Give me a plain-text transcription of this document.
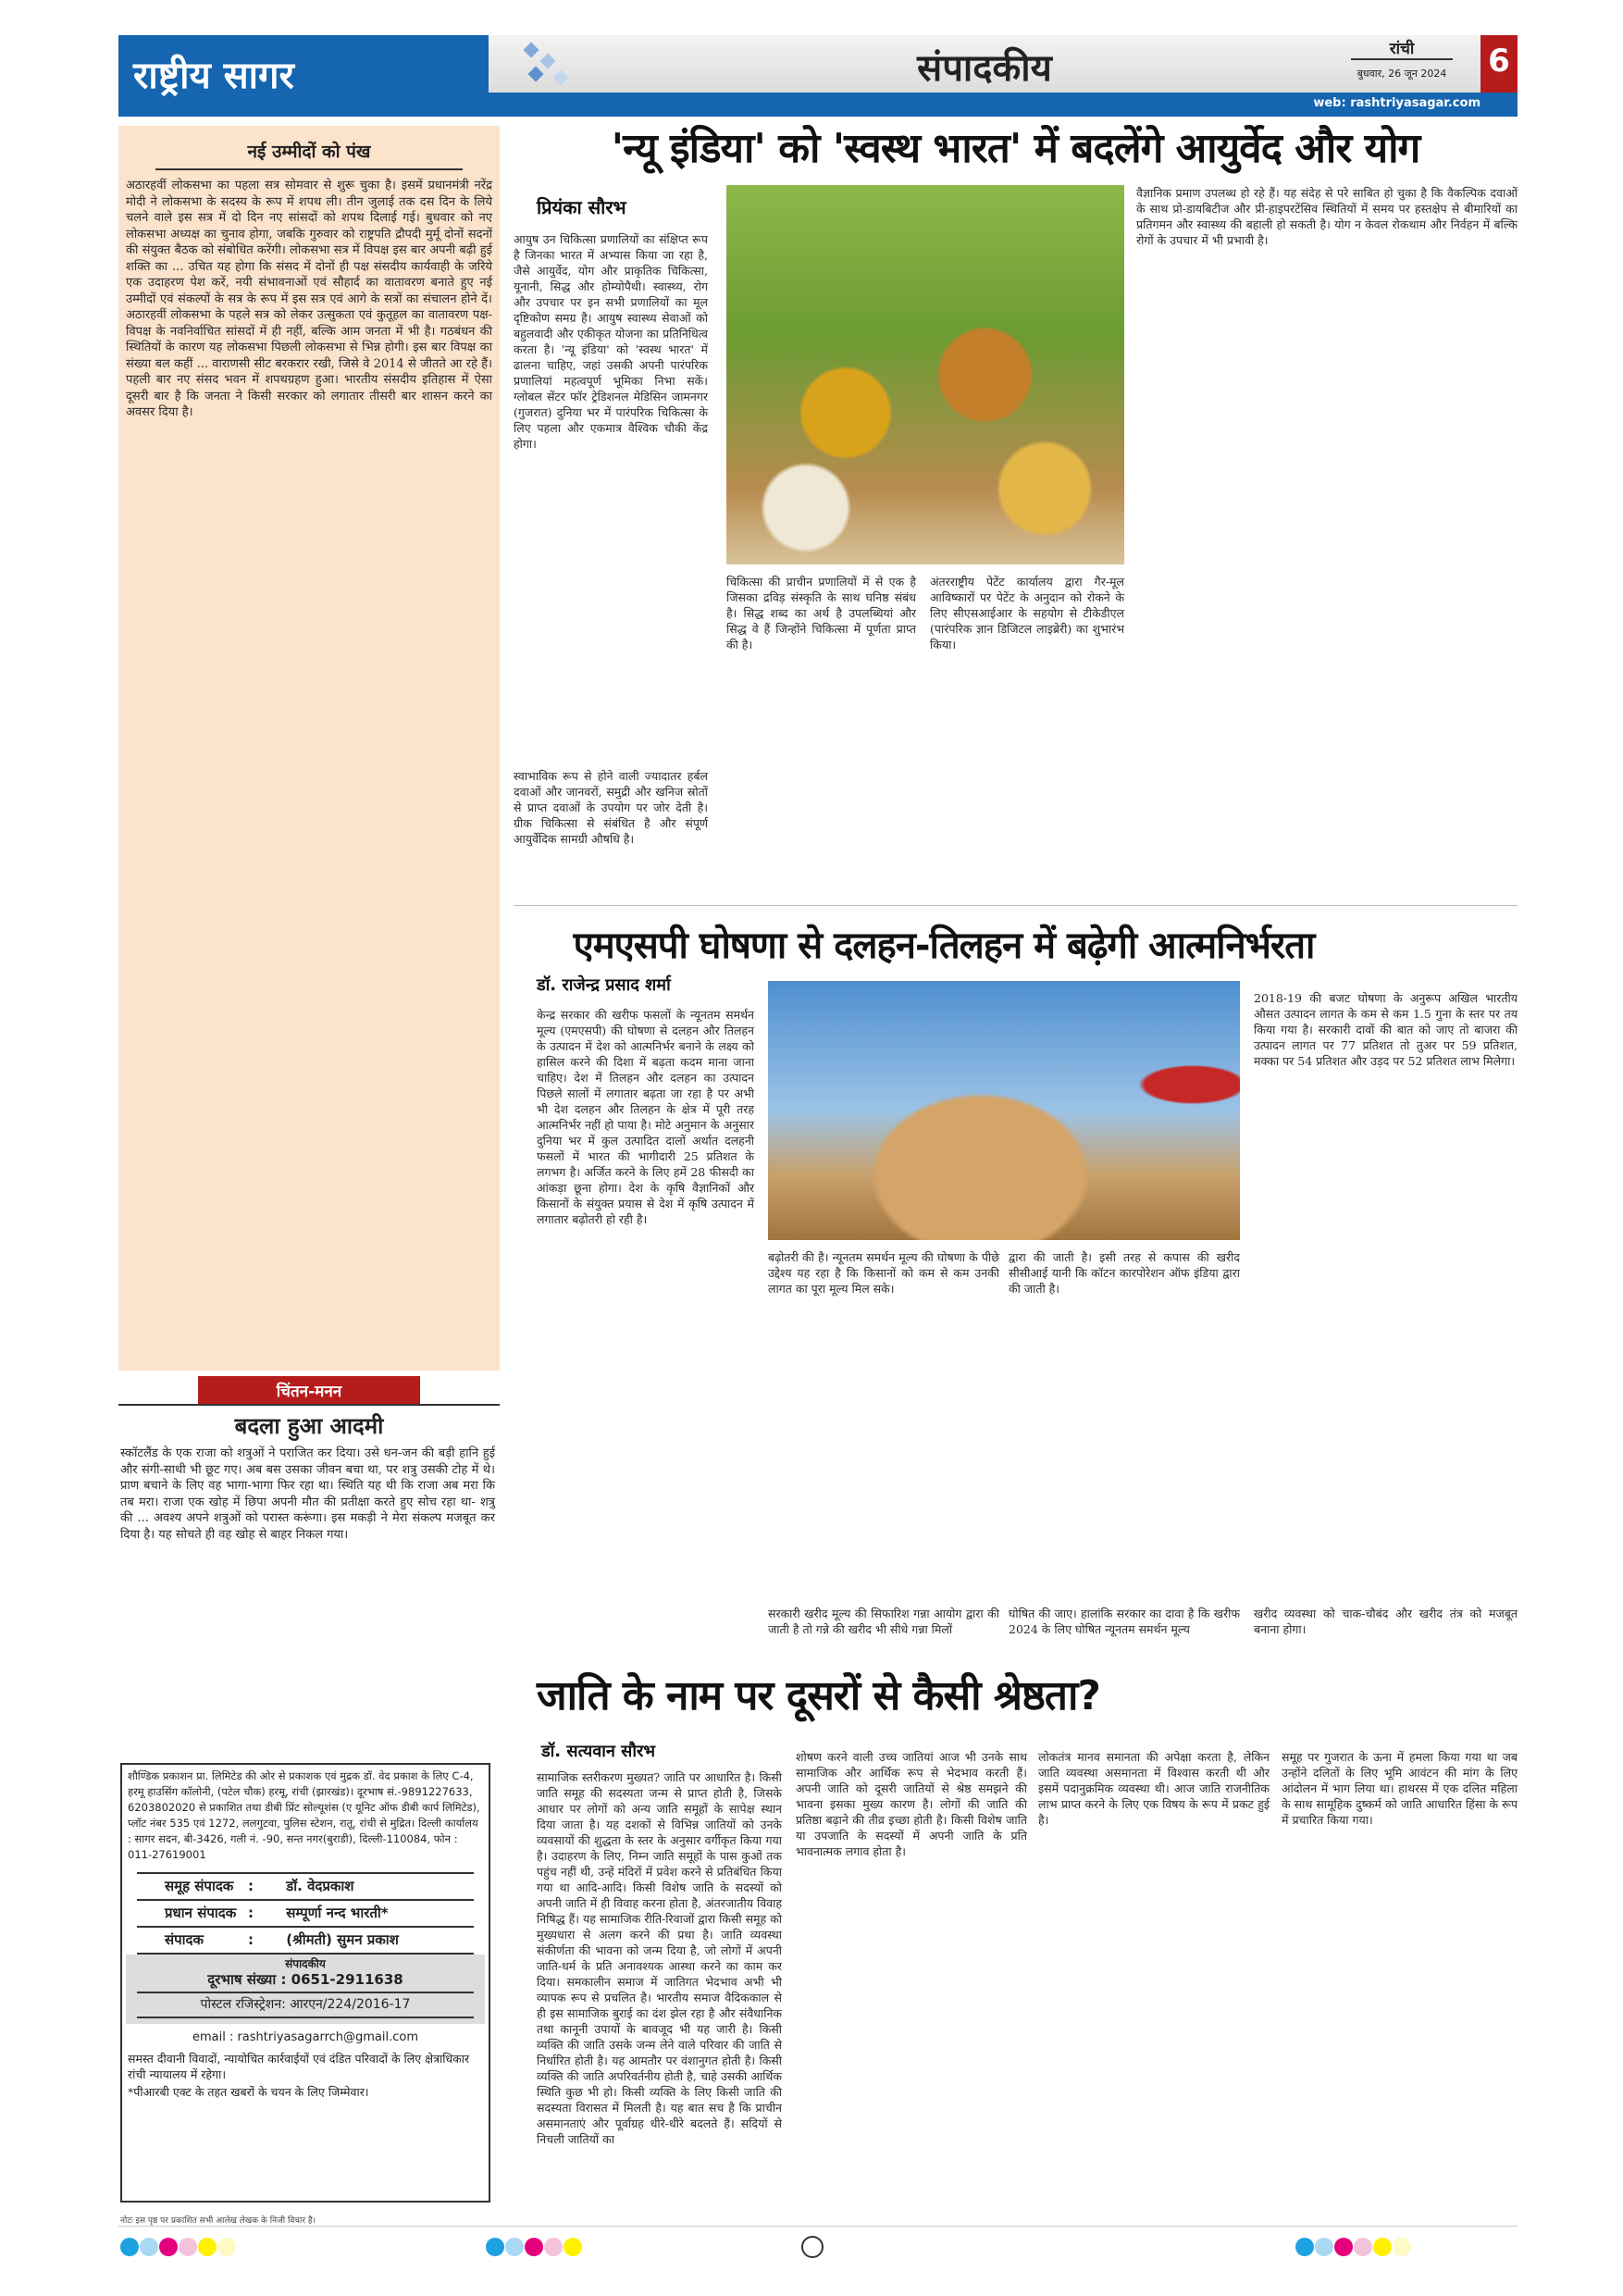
राष्ट्रीय सागर	संपादकीय	रांची
बुधवार, 26 जून 2024
web: rashtriyasagar.com
6
नई उम्मीदों को पंख
अठारहवीं लोकसभा का पहला सत्र सोमवार से शुरू चुका है। इसमें प्रधानमंत्री नरेंद्र मोदी ने लोकसभा के सदस्य के रूप में शपथ ली। तीन जुलाई तक दस दिन के लिये चलने वाले इस सत्र में दो दिन नए सांसदों को शपथ दिलाई गई। बुधवार को नए लोकसभा अध्यक्ष का चुनाव होगा, जबकि गुरुवार को राष्ट्रपति द्रौपदी मुर्मू दोनों सदनों की संयुक्त बैठक को संबोधित करेंगी। लोकसभा सत्र में विपक्ष इस बार अपनी बढ़ी हुई शक्ति का ... उचित यह होगा कि संसद में दोनों ही पक्ष संसदीय कार्यवाही के जरिये एक उदाहरण पेश करें, नयी संभावनाओं एवं सौहार्द का वातावरण बनाते हुए नई उम्मीदों एवं संकल्पों के सत्र के रूप में इस सत्र एवं आगे के सत्रों का संचालन होने दें। अठारहवीं लोकसभा के पहले सत्र को लेकर उत्सुकता एवं कुतूहल का वातावरण पक्ष-विपक्ष के नवनिर्वाचित सांसदों में ही नहीं, बल्कि आम जनता में भी है। गठबंधन की स्थितियों के कारण यह लोकसभा पिछली लोकसभा से भिन्न होगी। इस बार विपक्ष का संख्या बल कहीं ... वाराणसी सीट बरकरार रखी, जिसे वे 2014 से जीतते आ रहे हैं। पहली बार नए संसद भवन में शपथग्रहण हुआ। भारतीय संसदीय इतिहास में ऐसा दूसरी बार है कि जनता ने किसी सरकार को लगातार तीसरी बार शासन करने का अवसर दिया है।
चिंतन-मनन
बदला हुआ आदमी
स्कॉटलैंड के एक राजा को शत्रुओं ने पराजित कर दिया। उसे धन-जन की बड़ी हानि हुई और संगी-साथी भी छूट गए। अब बस उसका जीवन बचा था, पर शत्रु उसकी टोह में थे। प्राण बचाने के लिए वह भागा-भागा फिर रहा था। स्थिति यह थी कि राजा अब मरा कि तब मरा। राजा एक खोह में छिपा अपनी मौत की प्रतीक्षा करते हुए सोच रहा था- शत्रु की ... अवश्य अपने शत्रुओं को परास्त करूंगा। इस मकड़ी ने मेरा संकल्प मजबूत कर दिया है। यह सोचते ही वह खोह से बाहर निकल गया।
शौण्डिक प्रकाशन प्रा. लिमिटेड की ओर से प्रकाशक एवं मुद्रक डॉ. वेद प्रकाश के लिए C-4, हरमू हाउसिंग कॉलोनी, (पटेल चौक) हरमू, रांची (झारखंड)। दूरभाष सं.-9891227633, 6203802020 से प्रकाशित तथा डीबी प्रिंट सोल्यूशंस (ए यूनिट ऑफ डीबी कार्प लिमिटेड), प्लॉट नंबर 535 एवं 1272, ललगुटवा, पुलिस स्टेशन, रातू, रांची से मुद्रित। दिल्ली कार्यालय : सागर सदन, बी-3426, गली नं. -90, सन्त नगर(बुराडी), दिल्ली-110084, फोन : 011-27619001
समूह संपादक	: डॉ. वेदप्रकाश
प्रधान संपादक : सम्पूर्णा नन्द भारती*
संपादक	: (श्रीमती) सुमन प्रकाश
संपादकीय
दूरभाष संख्या : 0651-2911638
पोस्टल रजिस्ट्रेशन: आरएन/224/2016-17
email : rashtriyasagarrch@gmail.com
समस्त दीवानी विवादों, न्यायोचित कार्रवाईयों एवं दंडित परिवादों के लिए क्षेत्राधिकार रांची न्यायालय में रहेगा।
*पीआरबी एक्ट के तहत खबरों के चयन के लिए जिम्मेवार।
नोटः इस पृष्ठ पर प्रकाशित सभी आलेख लेखक के निजी विचार है।
'न्यू इंडिया' को 'स्वस्थ भारत' में बदलेंगे आयुर्वेद और योग
प्रियंका सौरभ
आयुष उन चिकित्सा प्रणालियों का संक्षिप्त रूप है जिनका भारत में अभ्यास किया जा रहा है, जैसे आयुर्वेद, योग और प्राकृतिक चिकित्सा, यूनानी, सिद्ध और होम्योपैथी। स्वास्थ्य, रोग और उपचार पर इन सभी प्रणालियों का मूल दृष्टिकोण समग्र है। आयुष स्वास्थ्य सेवाओं को बहुलवादी और एकीकृत योजना का प्रतिनिधित्व करता है। 'न्यू इंडिया' को 'स्वस्थ भारत' में ढालना चाहिए, जहां उसकी अपनी पारंपरिक प्रणालियां महत्वपूर्ण भूमिका निभा सकें। ग्लोबल सेंटर फॉर ट्रेडिशनल मेडिसिन जामनगर (गुजरात) दुनिया भर में पारंपरिक चिकित्सा के लिए पहला और एकमात्र वैश्विक चौकी केंद्र होगा।
चिकित्सा की प्राचीन प्रणालियों में से एक है जिसका द्रविड़ संस्कृति के साथ घनिष्ठ संबंध है। सिद्ध शब्द का अर्थ है उपलब्धियां और सिद्ध वे हैं जिन्होंने चिकित्सा में पूर्णता प्राप्त की है।
अंतरराष्ट्रीय पेटेंट कार्यालय द्वारा गैर-मूल आविष्कारों पर पेटेंट के अनुदान को रोकने के लिए सीएसआईआर के सहयोग से टीकेडीएल (पारंपरिक ज्ञान डिजिटल लाइब्रेरी) का शुभारंभ किया।
वैज्ञानिक प्रमाण उपलब्ध हो रहे हैं। यह संदेह से परे साबित हो चुका है कि वैकल्पिक दवाओं के साथ प्रो-डायबिटीज और प्री-हाइपरटेंसिव स्थितियों में समय पर हस्तक्षेप से बीमारियों का प्रतिगमन और स्वास्थ्य की बहाली हो सकती है। योग न केवल रोकथाम और निर्वहन में बल्कि रोगों के उपचार में भी प्रभावी है।
स्वाभाविक रूप से होने वाली ज्यादातर हर्बल दवाओं और जानवरों, समुद्री और खनिज स्रोतों से प्राप्त दवाओं के उपयोग पर जोर देती है। ग्रीक चिकित्सा से संबंधित है और संपूर्ण आयुर्वेदिक सामग्री औषधि है।
एमएसपी घोषणा से दलहन-तिलहन में बढ़ेगी आत्मनिर्भरता
डॉ. राजेन्द्र प्रसाद शर्मा
केन्द्र सरकार की खरीफ फसलों के न्यूनतम समर्थन मूल्य (एमएसपी) की घोषणा से दलहन और तिलहन के उत्पादन में देश को आत्मनिर्भर बनाने के लक्ष्य को हासिल करने की दिशा में बढ़ता कदम माना जाना चाहिए। देश में तिलहन और दलहन का उत्पादन पिछले सालों में लगातार बढ़ता जा रहा है पर अभी भी देश दलहन और तिलहन के क्षेत्र में पूरी तरह आत्मनिर्भर नहीं हो पाया है। मोटे अनुमान के अनुसार दुनिया भर में कुल उत्पादित दालों अर्थात दलहनी फसलों में भारत की भागीदारी 25 प्रतिशत के लगभग है। अर्जित करने के लिए हमें 28 फीसदी का आंकड़ा छूना होगा। देश के कृषि वैज्ञानिकों और किसानों के संयुक्त प्रयास से देश में कृषि उत्पादन में लगातार बढ़ोतरी हो रही है।
बढ़ोतरी की है। न्यूनतम समर्थन मूल्य की घोषणा के पीछे उद्देश्य यह रहा है कि किसानों को कम से कम उनकी लागत का पूरा मूल्य मिल सके।
द्वारा की जाती है। इसी तरह से कपास की खरीद सीसीआई यानी कि कॉटन कारपोरेशन ऑफ इंडिया द्वारा की जाती है।
2018-19 की बजट घोषणा के अनुरूप अखिल भारतीय औसत उत्पादन लागत के कम से कम 1.5 गुना के स्तर पर तय किया गया है। सरकारी दावों की बात को जाए तो बाजरा की उत्पादन लागत पर 77 प्रतिशत तो तुअर पर 59 प्रतिशत, मक्का पर 54 प्रतिशत और उड़द पर 52 प्रतिशत लाभ मिलेगा।
सरकारी खरीद मूल्य की सिफारिश गन्ना आयोग द्वारा की जाती है तो गन्ने की खरीद भी सीधे गन्ना मिलों
घोषित की जाए। हालांकि सरकार का दावा है कि खरीफ 2024 के लिए घोषित न्यूनतम समर्थन मूल्य
खरीद व्यवस्था को चाक-चौबंद और खरीद तंत्र को मजबूत बनाना होगा।
जाति के नाम पर दूसरों से कैसी श्रेष्ठता?
डॉ. सत्यवान सौरभ
सामाजिक स्तरीकरण मुख्यत? जाति पर आधारित है। किसी जाति समूह की सदस्यता जन्म से प्राप्त होती है, जिसके आधार पर लोगों को अन्य जाति समूहों के सापेक्ष स्थान दिया जाता है। यह दशकों से विभिन्न जातियों को उनके व्यवसायों की शुद्धता के स्तर के अनुसार वर्गीकृत किया गया है। उदाहरण के लिए, निम्न जाति समूहों के पास कुओं तक पहुंच नहीं थी, उन्हें मंदिरों में प्रवेश करने से प्रतिबंधित किया गया था आदि-आदि। किसी विशेष जाति के सदस्यों को अपनी जाति में ही विवाह करना होता है, अंतरजातीय विवाह निषिद्ध हैं। यह सामाजिक रीति-रिवाजों द्वारा किसी समूह को मुख्यधारा से अलग करने की प्रथा है। जाति व्यवस्था संकीर्णता की भावना को जन्म दिया है, जो लोगों में अपनी जाति-धर्म के प्रति अनावश्यक आस्था करने का काम कर दिया। समकालीन समाज में जातिगत भेदभाव अभी भी व्यापक रूप से प्रचलित है। भारतीय समाज वैदिककाल से ही इस सामाजिक बुराई का दंश झेल रहा है और संवैधानिक तथा कानूनी उपायों के बावजूद भी यह जारी है। किसी व्यक्ति की जाति उसके जन्म लेने वाले परिवार की जाति से निर्धारित होती है। यह आमतौर पर वंशानुगत होती है। किसी व्यक्ति की जाति अपरिवर्तनीय होती है, चाहे उसकी आर्थिक स्थिति कुछ भी हो। किसी व्यक्ति के लिए किसी जाति की सदस्यता विरासत में मिलती है। यह बात सच है कि प्राचीन असमानताएं और पूर्वाग्रह धीरे-धीरे बदलते हैं। सदियों से निचली जातियों का
शोषण करने वाली उच्च जातियां आज भी उनके साथ सामाजिक और आर्थिक रूप से भेदभाव करती हैं। अपनी जाति को दूसरी जातियों से श्रेष्ठ समझने की भावना इसका मुख्य कारण है। लोगों की जाति की प्रतिष्ठा बढ़ाने की तीव्र इच्छा होती है। किसी विशेष जाति या उपजाति के सदस्यों में अपनी जाति के प्रति भावनात्मक लगाव होता है।
लोकतंत्र मानव समानता की अपेक्षा करता है, लेकिन जाति व्यवस्था असमानता में विश्वास करती थी और इसमें पदानुक्रमिक व्यवस्था थी। आज जाति राजनीतिक लाभ प्राप्त करने के लिए एक विषय के रूप में प्रकट हुई है।
समूह पर गुजरात के ऊना में हमला किया गया था जब उन्होंने दलितों के लिए भूमि आवंटन की मांग के लिए आंदोलन में भाग लिया था। हाथरस में एक दलित महिला के साथ सामूहिक दुष्कर्म को जाति आधारित हिंसा के रूप में प्रचारित किया गया।
